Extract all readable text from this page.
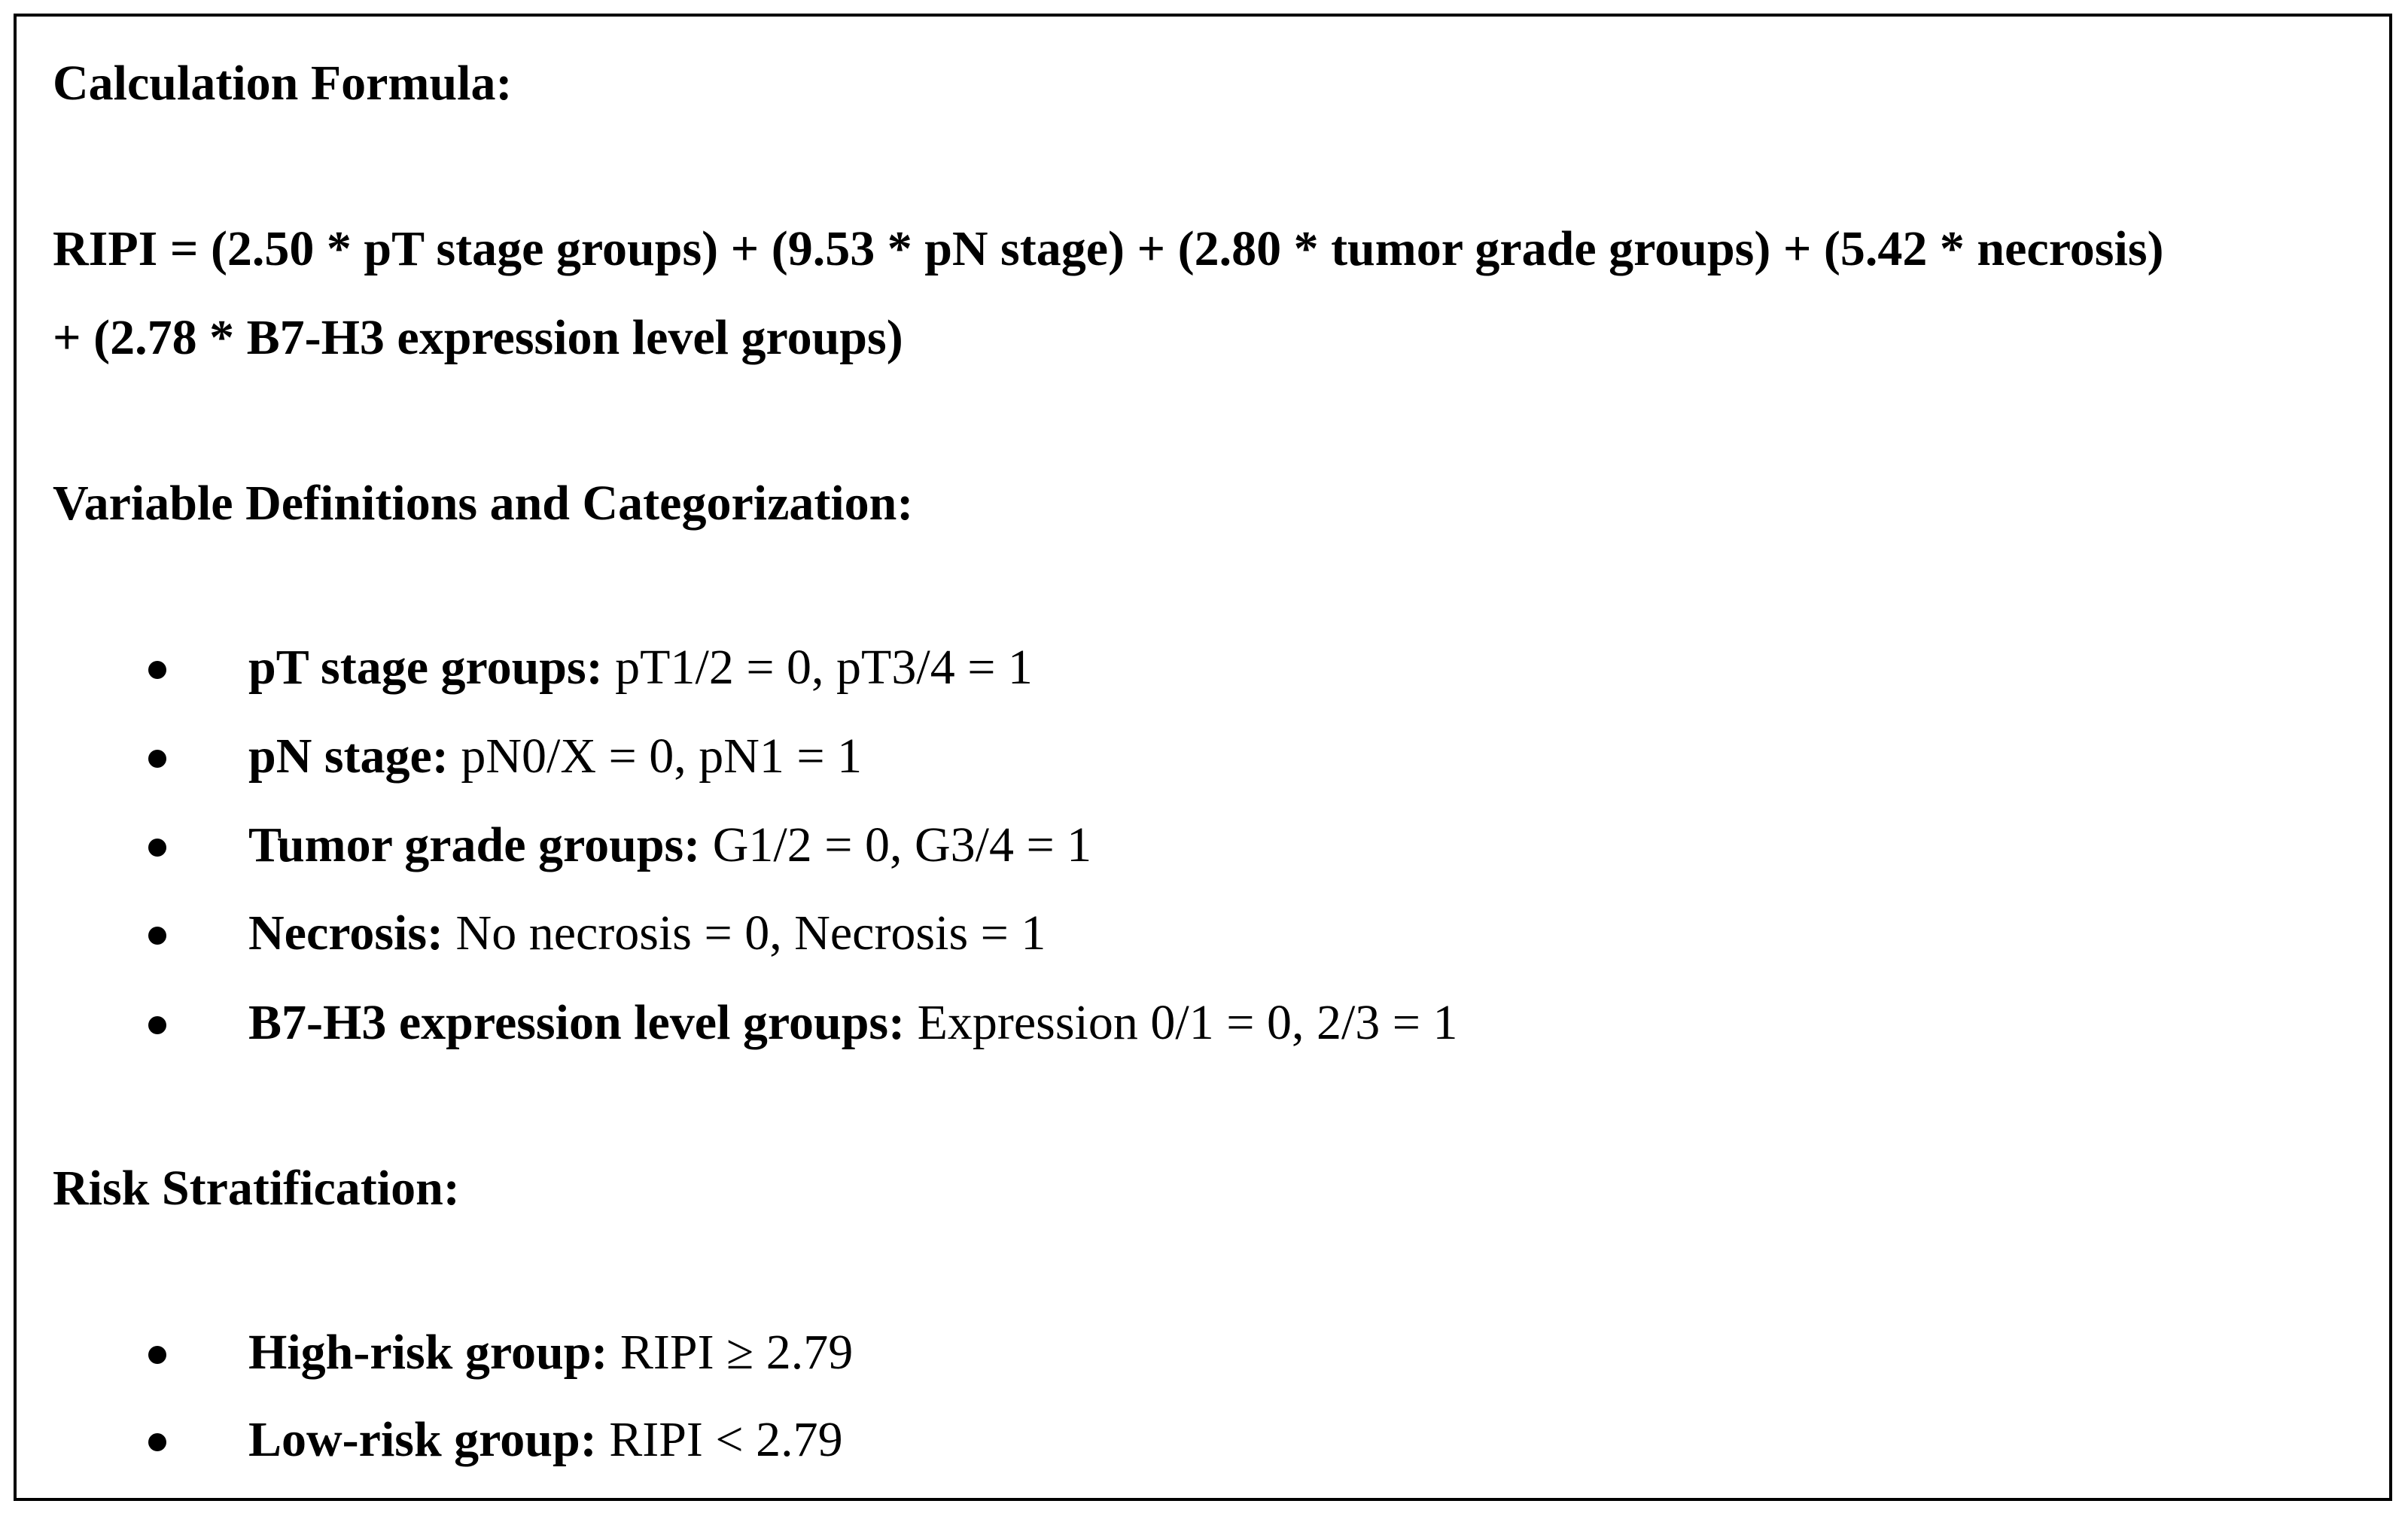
Calculation Formula:
RIPI = (2.50 * pT stage groups) + (9.53 * pN stage) + (2.80 * tumor grade groups) + (5.42 * necrosis)
+ (2.78 * B7-H3 expression level groups)
Variable Definitions and Categorization:
pT stage groups: pT1/2 = 0, pT3/4 = 1
pN stage: pN0/X = 0, pN1 = 1
Tumor grade groups: G1/2 = 0, G3/4 = 1
Necrosis: No necrosis = 0, Necrosis = 1
B7-H3 expression level groups: Expression 0/1 = 0, 2/3 = 1
Risk Stratification:
High-risk group: RIPI ≥ 2.79
Low-risk group: RIPI < 2.79
